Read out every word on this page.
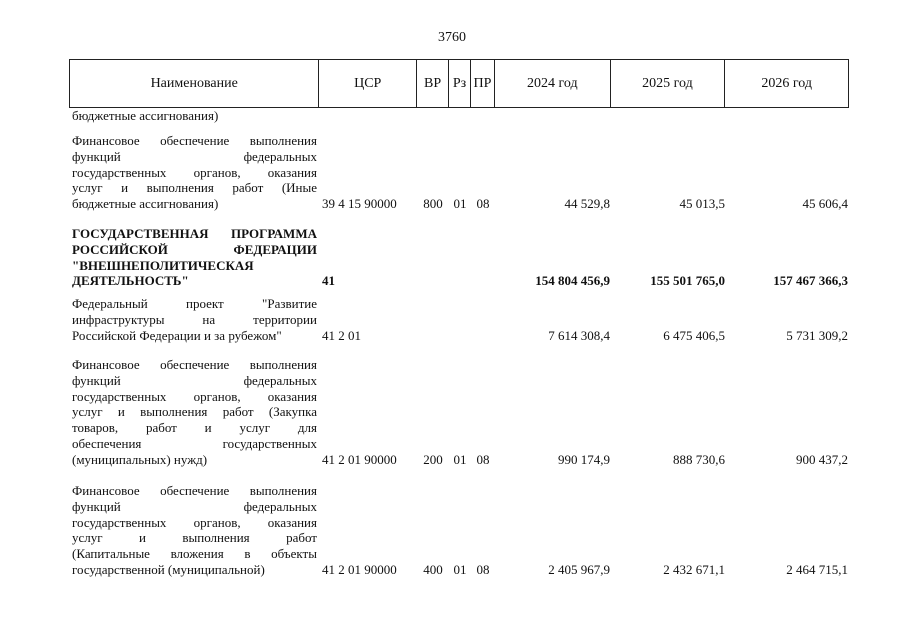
3760
Наименование	ЦСР	ВР Рз ПР	2024 год	2025 год	2026 год
бюджетные ассигнования)
Финансовое обеспечение выполнения
функций	федеральных
государственных органов, оказания
услуг и выполнения работ (Иные
бюджетные ассигнования)	39 4 15 90000	800 01 08	44 529,8	45 013,5	45 606,4
ГОСУДАРСТВЕННАЯ ПРОГРАММА
РОССИЙСКОЙ	ФЕДЕРАЦИИ
"ВНЕШНЕПОЛИТИЧЕСКАЯ
ДЕЯТЕЛЬНОСТЬ"	41	154 804 456,9	155 501 765,0	157 467 366,3
Федеральный	проект	"Развитие
инфраструктуры	на	территории
Российской Федерации и за рубежом"	41 2 01	7 614 308,4	6 475 406,5	5 731 309,2
Финансовое обеспечение выполнения
функций	федеральных
государственных органов, оказания
услуг и выполнения работ (Закупка
товаров, работ и услуг для
обеспечения	государственных
(муниципальных) нужд)	41 2 01 90000	200 01 08	990 174,9	888 730,6	900 437,2
Финансовое обеспечение выполнения
функций	федеральных
государственных органов, оказания
услуг	и	выполнения	работ
(Капитальные вложения в объекты
государственной (муниципальной)	41 2 01 90000	400 01 08	2 405 967,9	2 432 671,1	2 464 715,1
